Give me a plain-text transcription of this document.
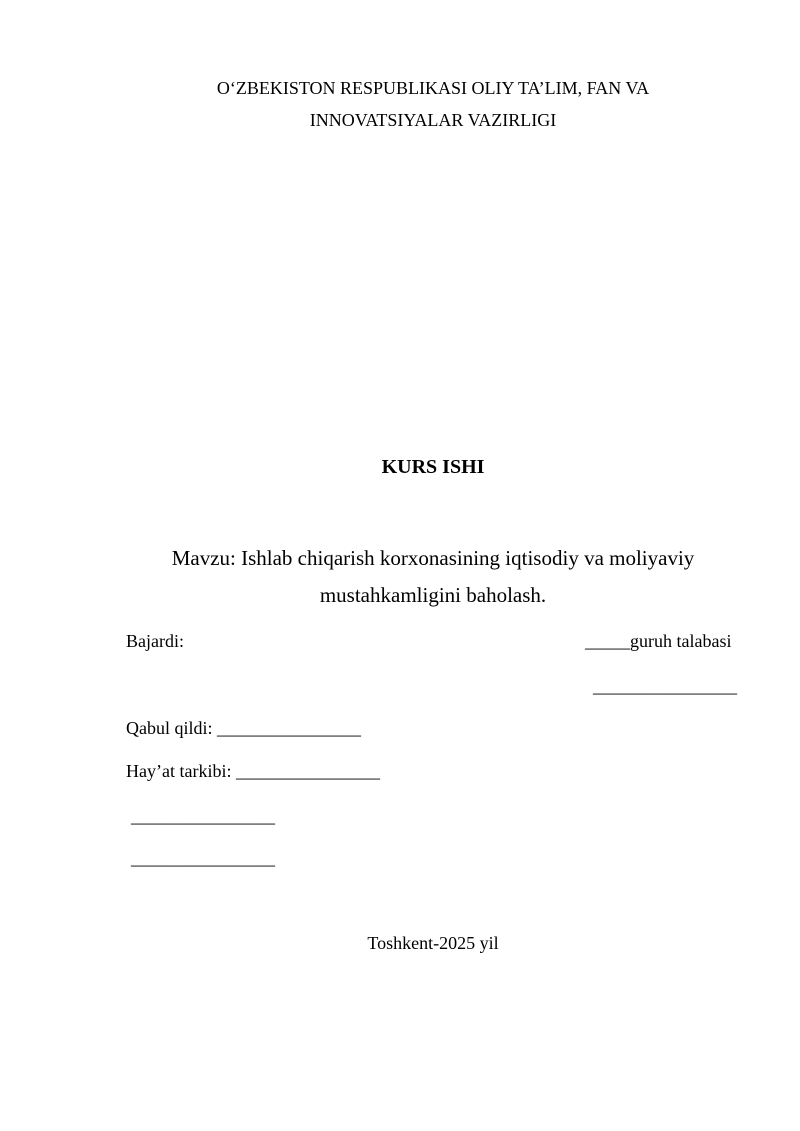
O‘ZBEKISTON RESPUBLIKASI OLIY TA’LIM, FAN VA
INNOVATSIYALAR VAZIRLIGI
KURS ISHI
Mavzu: Ishlab chiqarish korxonasining iqtisodiy va moliyaviy
mustahkamligini baholash.
Bajardi:	_____guruh talabasi
________________
Qabul qildi: ________________
Hay’at tarkibi: ________________
________________
________________
Toshkent-2025 yil
